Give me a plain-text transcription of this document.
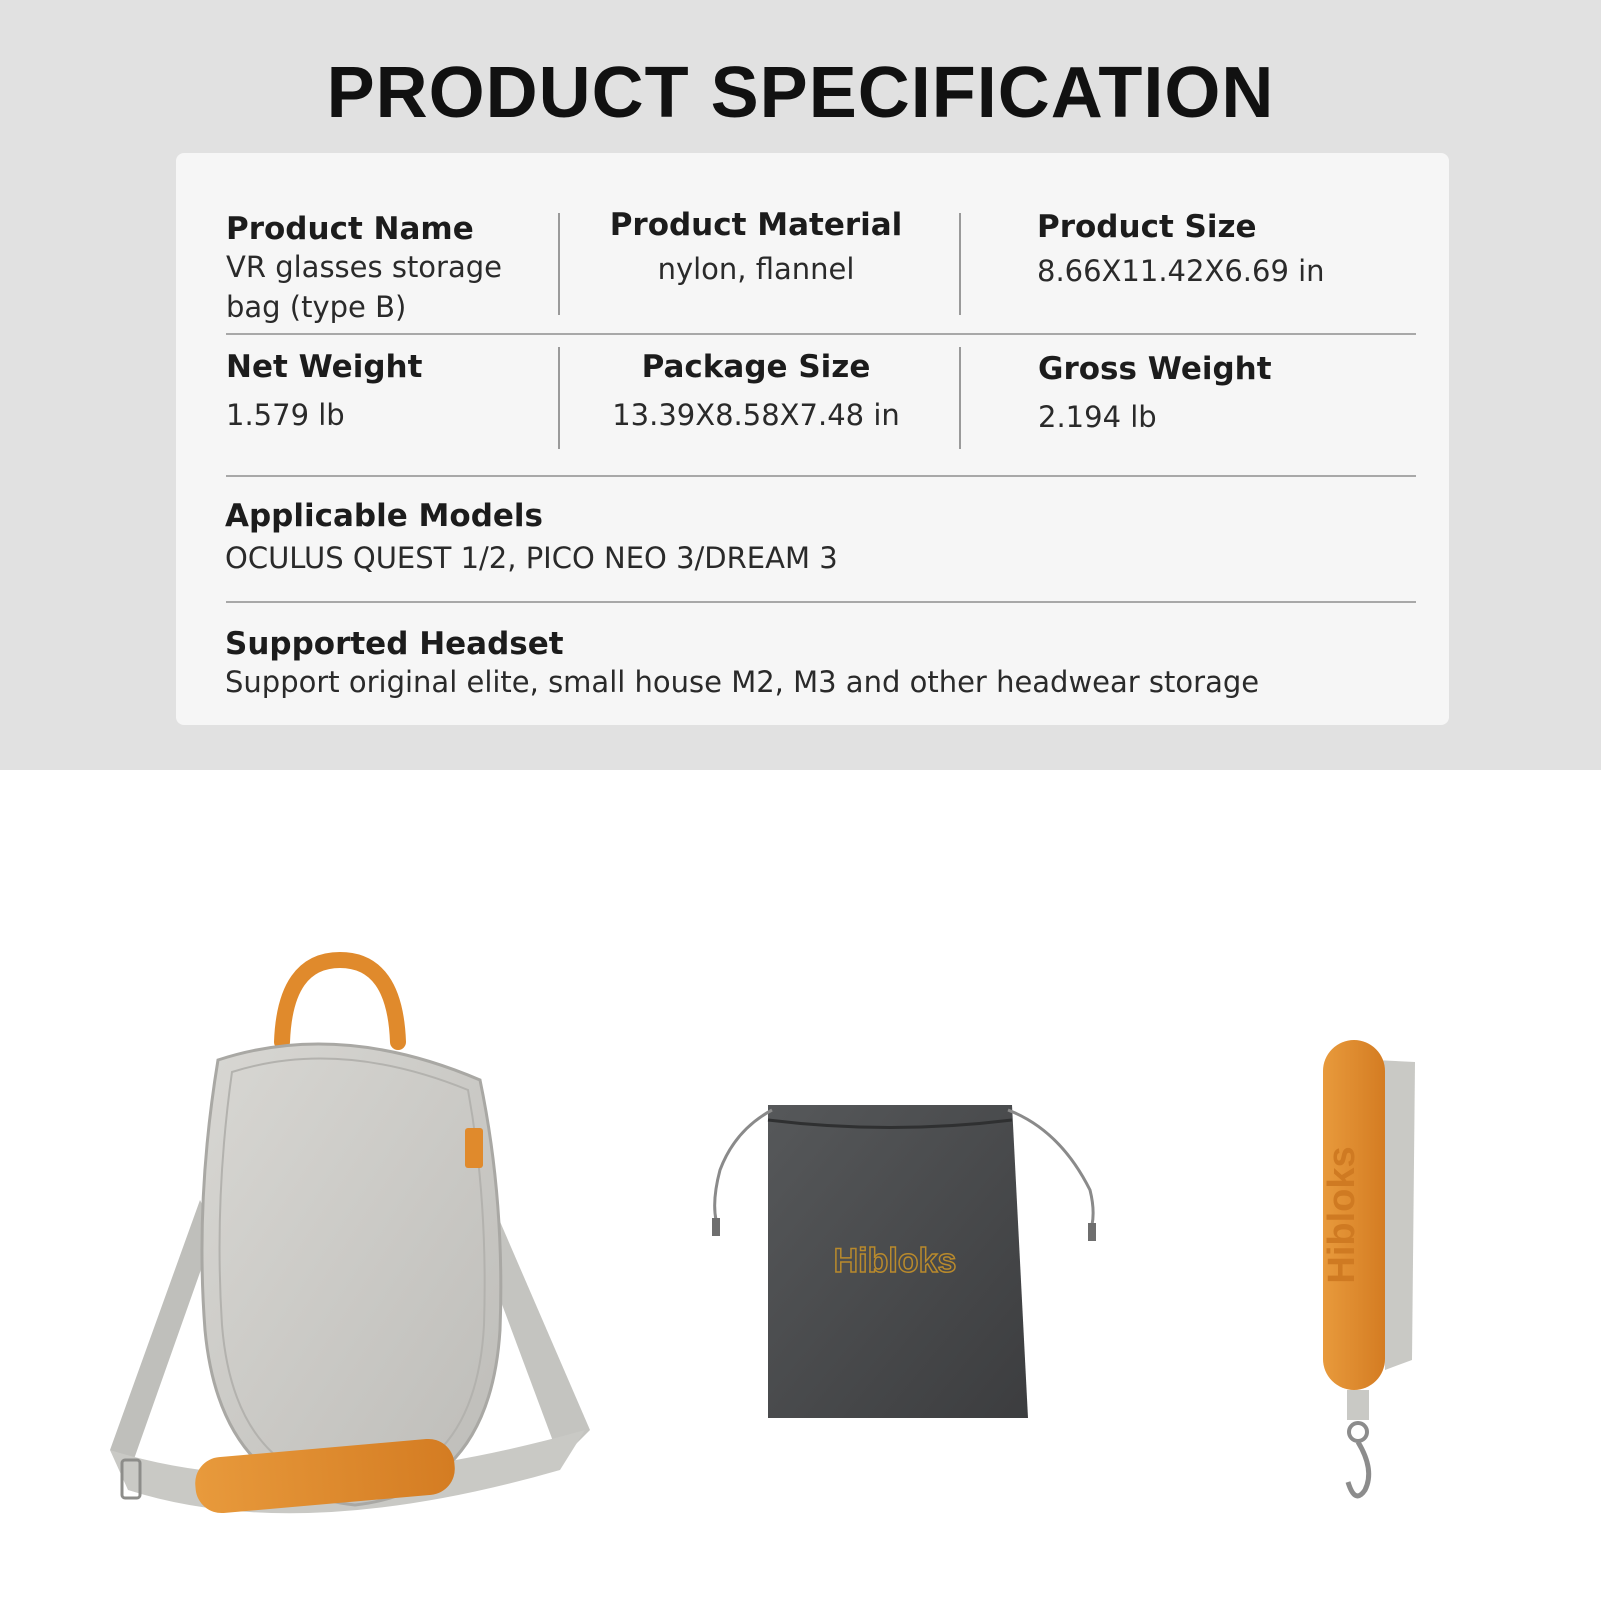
PRODUCT SPECIFICATION
Product Name
VR glasses storage
bag (type B)
Product Material
nylon, flannel
Product Size
8.66X11.42X6.69 in
Net Weight
1.579 lb
Package Size
13.39X8.58X7.48 in
Gross Weight
2.194 lb
Applicable Models
OCULUS QUEST 1/2, PICO NEO 3/DREAM 3
Supported Headset
Support original elite, small house M2, M3 and other headwear storage
Hibloks	Hibloks
